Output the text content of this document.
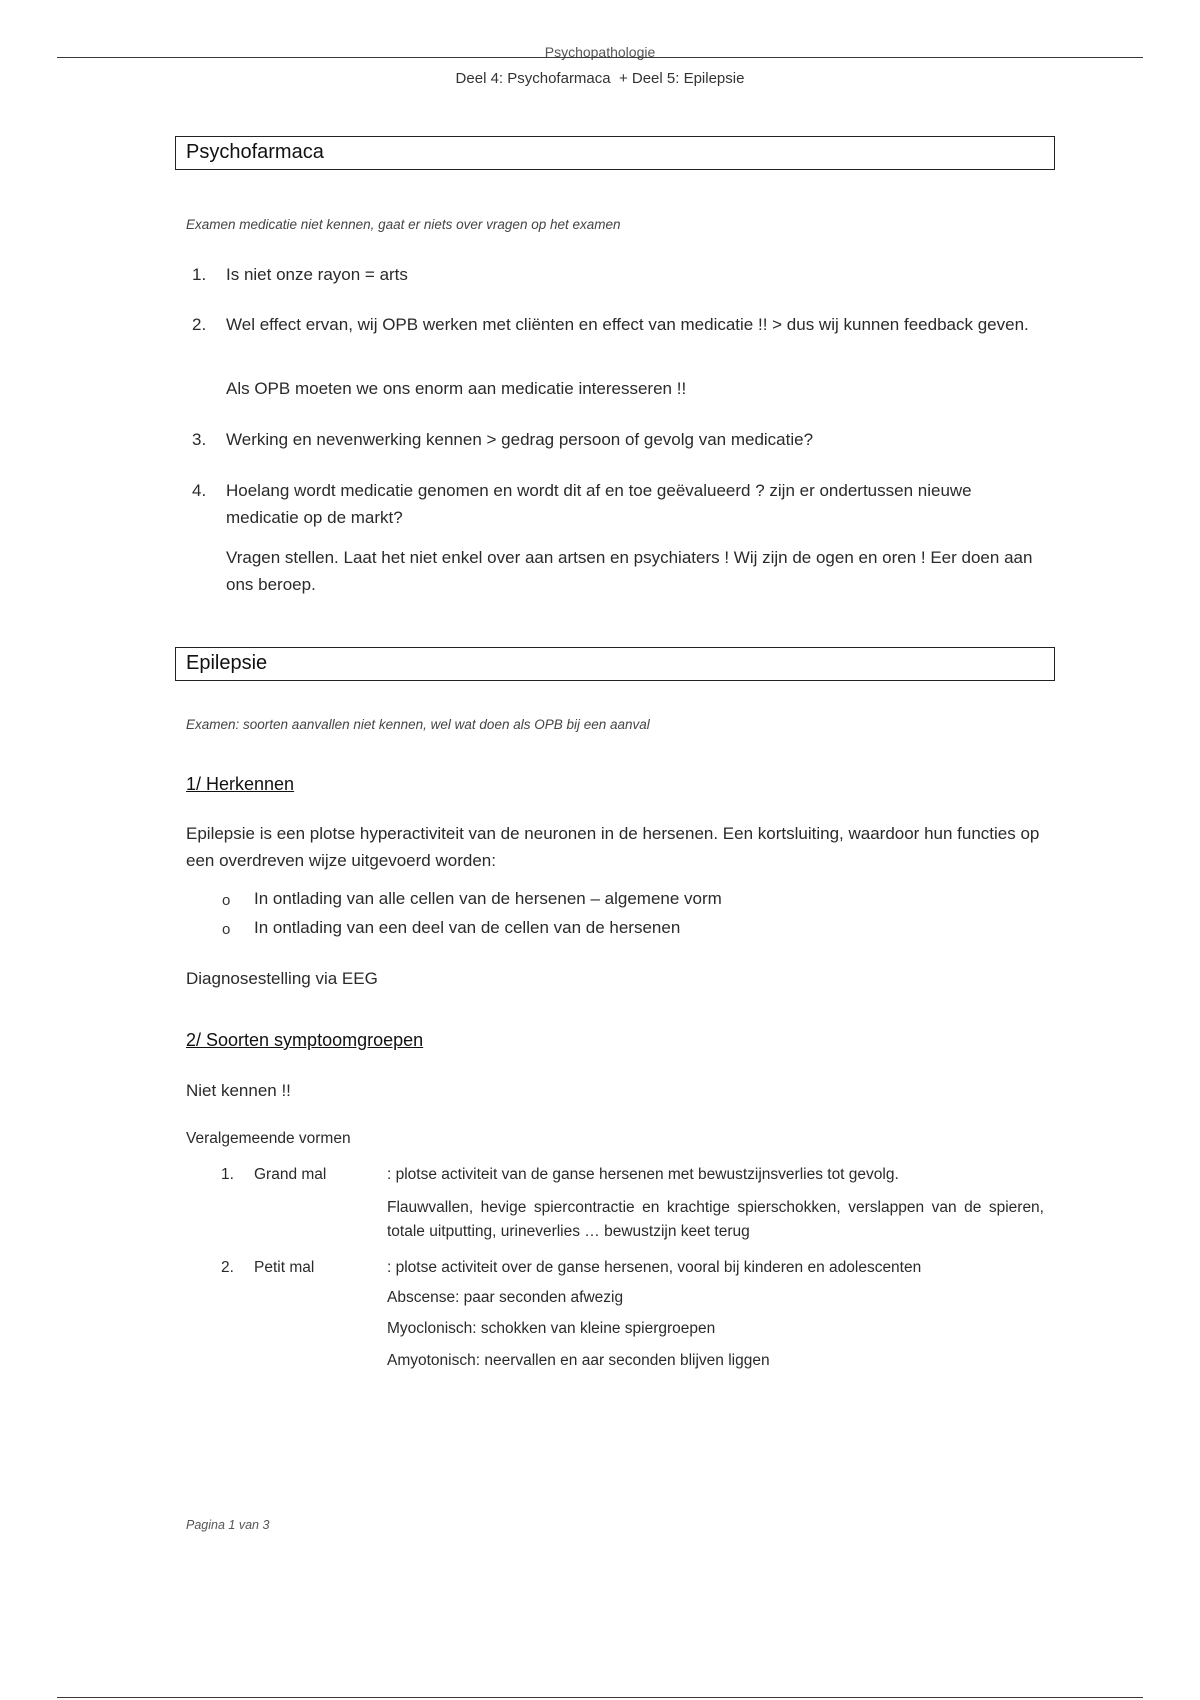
Psychopathologie
Deel 4: Psychofarmaca  + Deel 5: Epilepsie
Psychofarmaca
Examen medicatie niet kennen, gaat er niets over vragen op het examen
1. Is niet onze rayon = arts
2. Wel effect ervan, wij OPB werken met cliënten en effect van medicatie !! > dus wij kunnen feedback geven.
Als OPB moeten we ons enorm aan medicatie interesseren !!
3. Werking en nevenwerking kennen > gedrag persoon of gevolg van medicatie?
4. Hoelang wordt medicatie genomen en wordt dit af en toe geëvalueerd ? zijn er ondertussen nieuwe medicatie op de markt?
Vragen stellen. Laat het niet enkel over aan artsen en psychiaters ! Wij zijn de ogen en oren ! Eer doen aan ons beroep.
Epilepsie
Examen: soorten aanvallen niet kennen, wel wat doen als OPB bij een aanval
1/ Herkennen
Epilepsie is een plotse hyperactiviteit van de neuronen in de hersenen. Een kortsluiting, waardoor hun functies op een overdreven wijze uitgevoerd worden:
o In ontlading van alle cellen van de hersenen – algemene vorm
o In ontlading van een deel van de cellen van de hersenen
Diagnosestelling via EEG
2/ Soorten symptoomgroepen
Niet kennen !!
Veralgemeende vormen
1. Grand mal	: plotse activiteit van de ganse hersenen met bewustzijnsverlies tot gevolg.
Flauwvallen, hevige spiercontractie en krachtige spierschokken, verslappen van de spieren, totale uitputting, urineverlies … bewustzijn keet terug
2. Petit mal	: plotse activiteit over de ganse hersenen, vooral bij kinderen en adolescenten
Abscense: paar seconden afwezig
Myoclonisch: schokken van kleine spiergroepen
Amyotonisch: neervallen en aar seconden blijven liggen
Pagina 1 van 3
